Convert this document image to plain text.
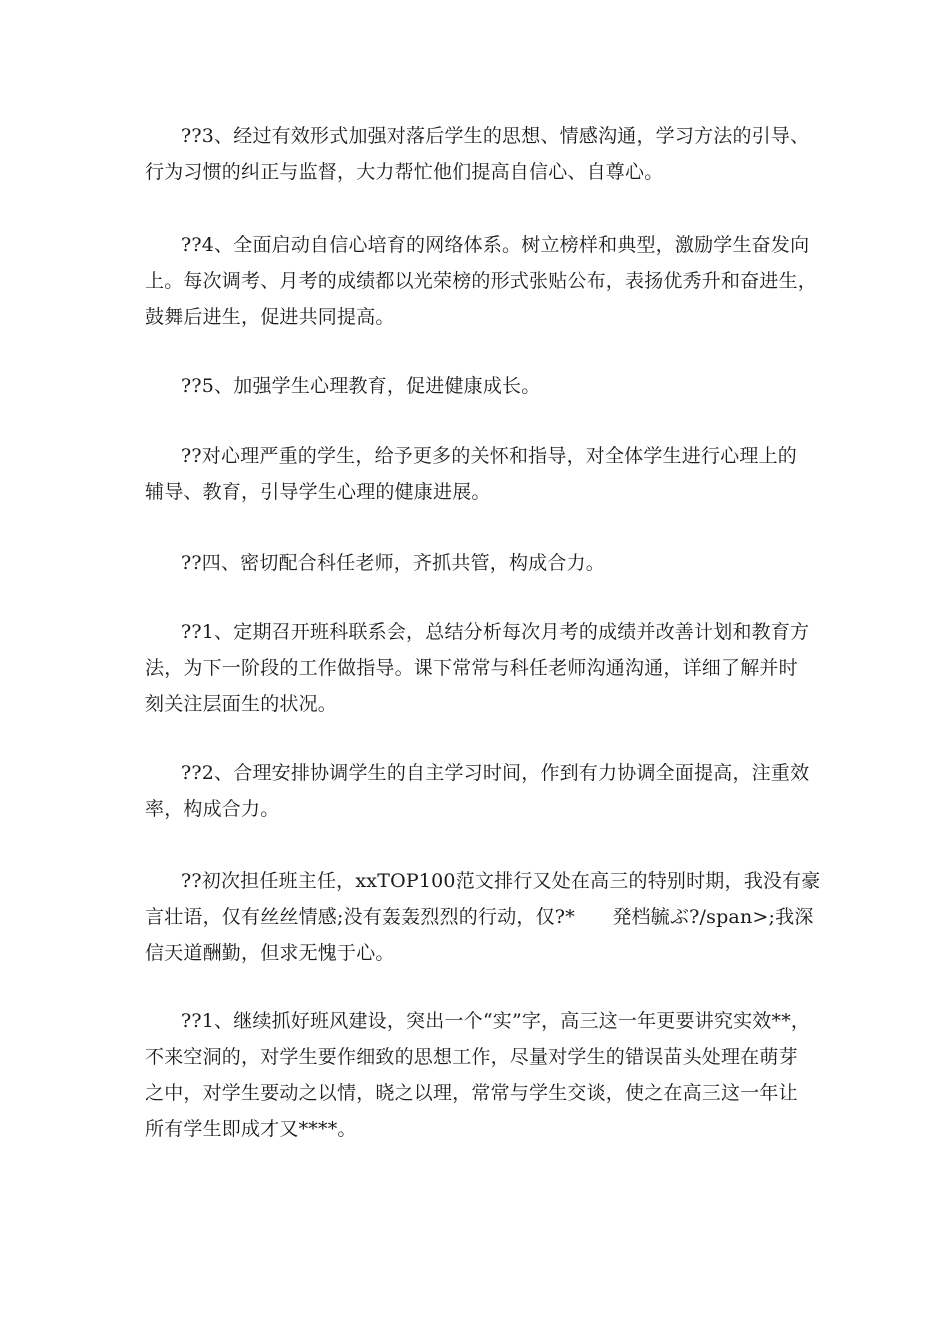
??3、经过有效形式加强对落后学生的思想、情感沟通，学习方法的引导、
行为习惯的纠正与监督，大力帮忙他们提高自信心、自尊心。

??4、全面启动自信心培育的网络体系。树立榜样和典型，激励学生奋发向
上。每次调考、月考的成绩都以光荣榜的形式张贴公布，表扬优秀升和奋进生，
鼓舞后进生，促进共同提高。

??5、加强学生心理教育，促进健康成长。

??对心理严重的学生，给予更多的关怀和指导，对全体学生进行心理上的
辅导、教育，引导学生心理的健康进展。

??四、密切配合科任老师，齐抓共管，构成合力。

??1、定期召开班科联系会，总结分析每次月考的成绩并改善计划和教育方
法，为下一阶段的工作做指导。课下常常与科任老师沟通沟通，详细了解并时
刻关注层面生的状况。

??2、合理安排协调学生的自主学习时间，作到有力协调全面提高，注重效
率，构成合力。

??初次担任班主任，xxTOP100范文排行又处在高三的特别时期，我没有豪
言壮语，仅有丝丝情感;没有轰轰烈烈的行动，仅?*      発档毓ぶ?/span>;我深
信天道酬勤，但求无愧于心。

??1、继续抓好班风建设，突出一个“实”字，高三这一年更要讲究实效**，
不来空洞的，对学生要作细致的思想工作，尽量对学生的错误苗头处理在萌芽
之中，对学生要动之以情，晓之以理，常常与学生交谈，使之在高三这一年让
所有学生即成才又****。
